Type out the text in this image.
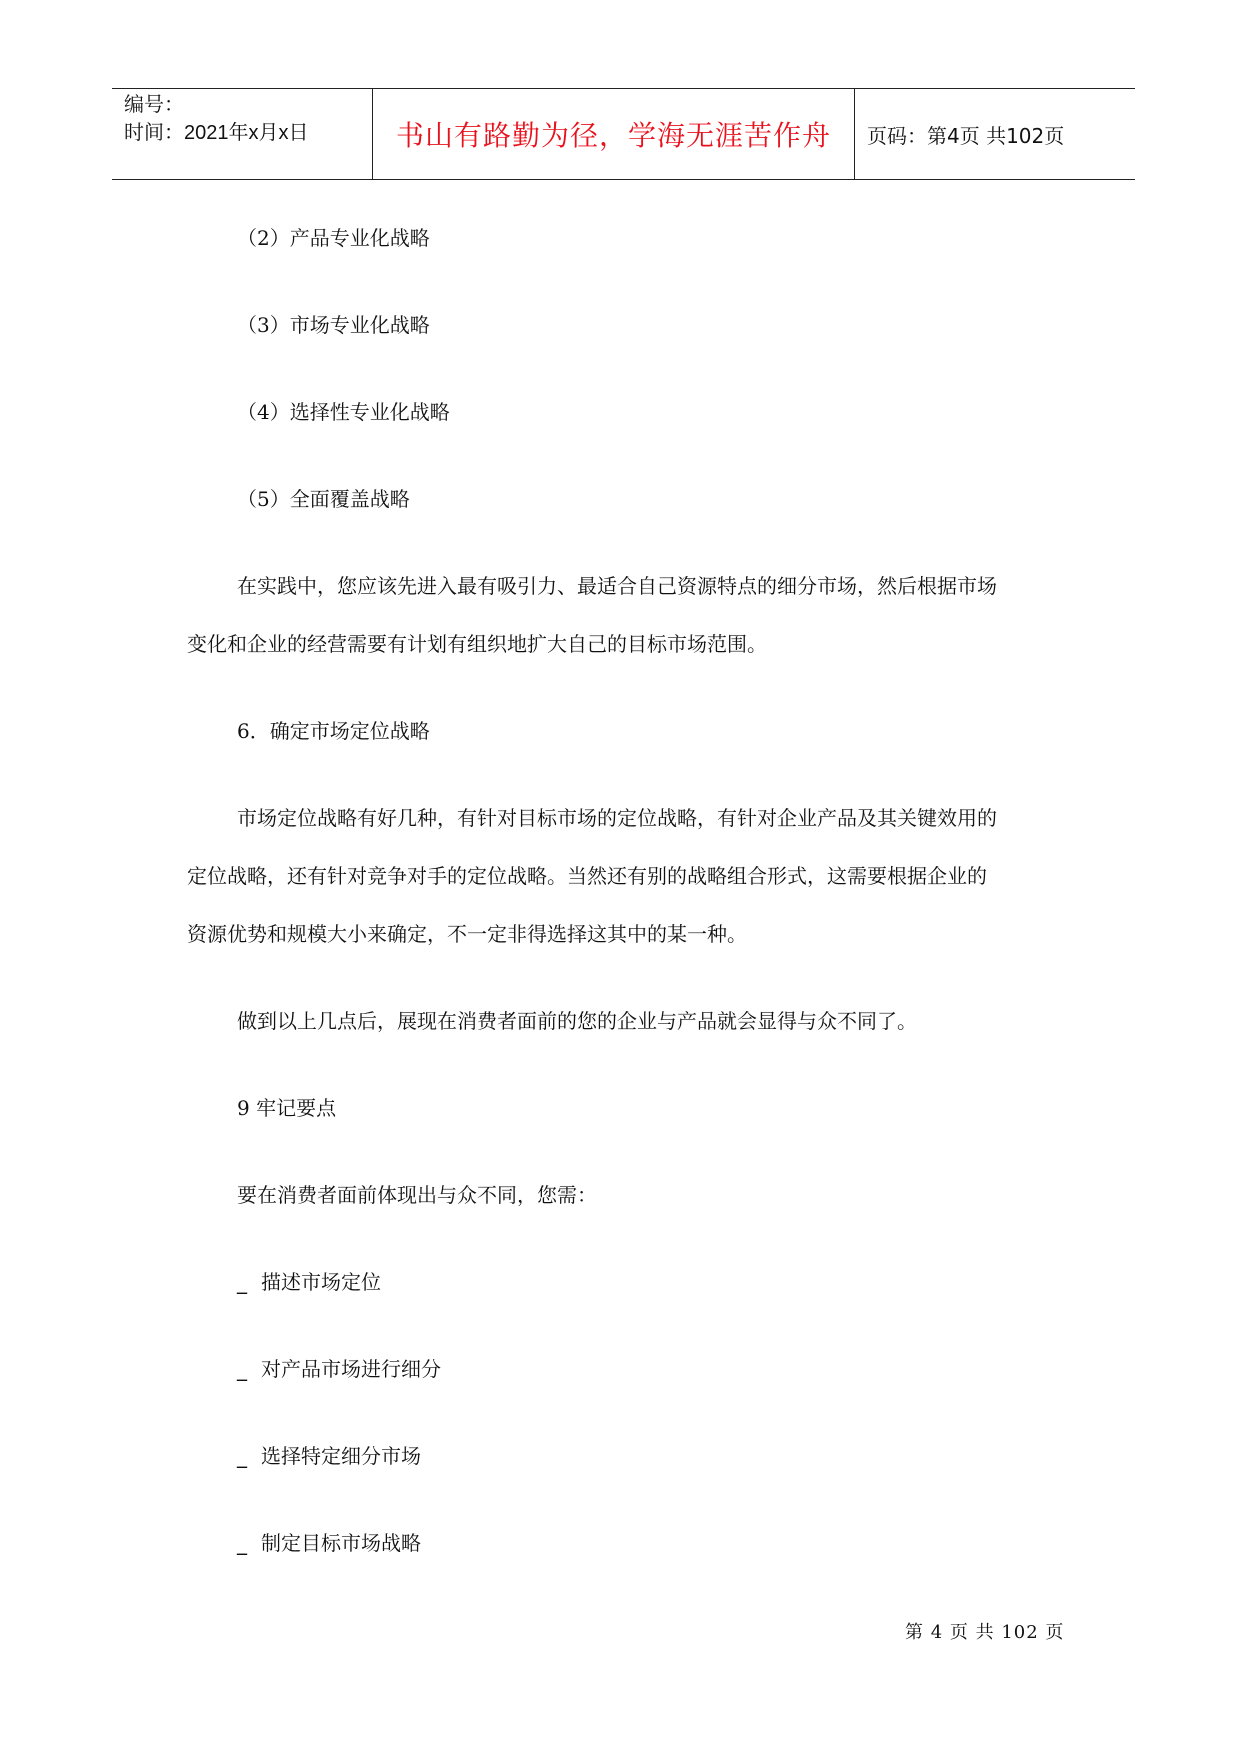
编号：
时间：2021年x月x日	书山有路勤为径，学海无涯苦作舟 页码：第4页 共102页
（2）产品专业化战略
（3）市场专业化战略
（4）选择性专业化战略
（5）全面覆盖战略
在实践中，您应该先进入最有吸引力、最适合自己资源特点的细分市场，然后根据市场
变化和企业的经营需要有计划有组织地扩大自己的目标市场范围。
6．确定市场定位战略
市场定位战略有好几种，有针对目标市场的定位战略，有针对企业产品及其关键效用的
定位战略，还有针对竞争对手的定位战略。当然还有别的战略组合形式，这需要根据企业的
资源优势和规模大小来确定，不一定非得选择这其中的某一种。
做到以上几点后，展现在消费者面前的您的企业与产品就会显得与众不同了。
9 牢记要点
要在消费者面前体现出与众不同，您需：
_ 描述市场定位
_ 对产品市场进行细分
_ 选择特定细分市场
_ 制定目标市场战略
第 4 页 共 102 页
